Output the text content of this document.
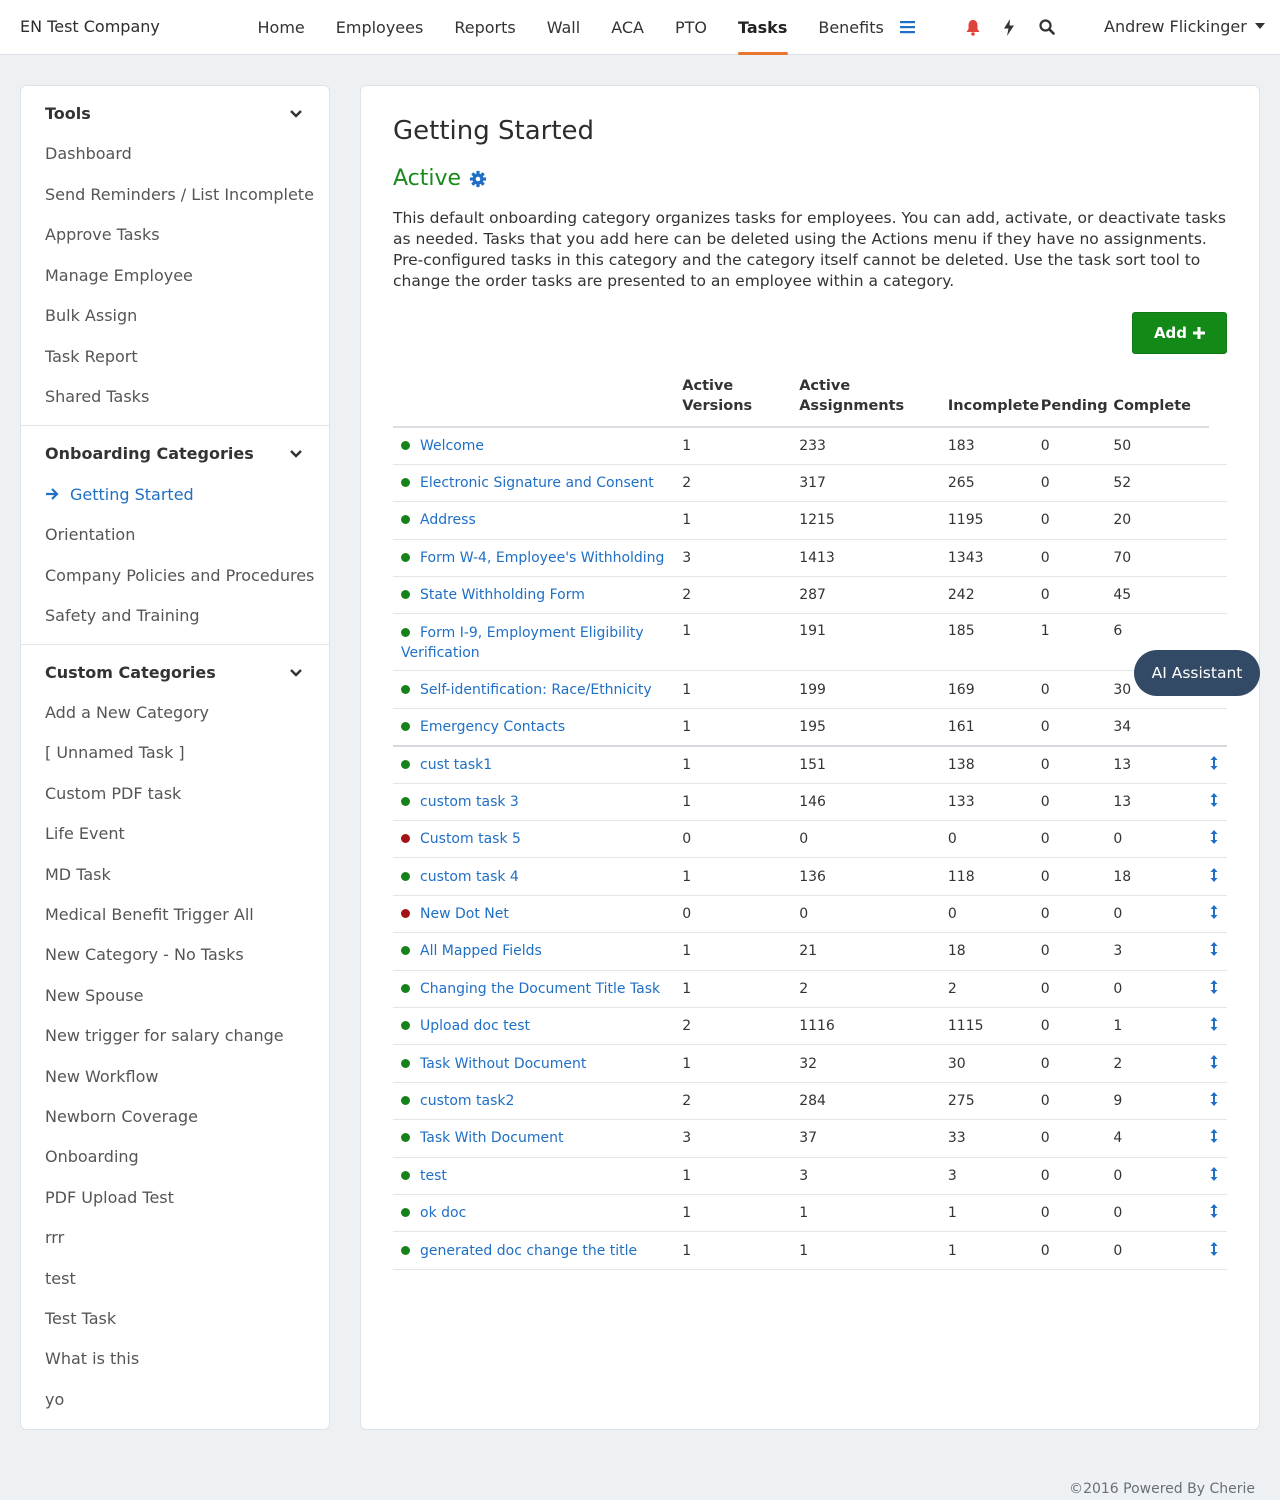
EN Test Company	Home	Employees	Reports	Wall	ACA	PTO	Tasks	Benefits	Andrew Flickinger
Tools
Dashboard
Send Reminders / List Incomplete
Approve Tasks
Manage Employee
Bulk Assign
Task Report
Shared Tasks
Onboarding Categories
Getting Started
Orientation
Company Policies and Procedures
Safety and Training
Custom Categories
Add a New Category
[ Unnamed Task ]
Custom PDF task
Life Event
MD Task
Medical Benefit Trigger All
New Category - No Tasks
New Spouse
New trigger for salary change
New Workflow
Newborn Coverage
Onboarding
PDF Upload Test
rrr
test
Test Task
What is this
yo
Getting Started
Active
This default onboarding category organizes tasks for employees. You can add, activate, or deactivate tasks as needed. Tasks that you add here can be deleted using the Actions menu if they have no assignments. Pre-configured tasks in this category and the category itself cannot be deleted. Use the task sort tool to change the order tasks are presented to an employee within a category.
Add
	Active Versions	Active Assignments	Incomplete	Pending	Complete	
Welcome	1	233	183	0	50	
Electronic Signature and Consent	2	317	265	0	52	
Address	1	1215	1195	0	20	
Form W-4, Employee's Withholding	3	1413	1343	0	70	
State Withholding Form	2	287	242	0	45	
Form I-9, Employment Eligibility Verification	1	191	185	1	6	
Self-identification: Race/Ethnicity	1	199	169	0	30	
Emergency Contacts	1	195	161	0	34	
cust task1	1	151	138	0	13	
custom task 3	1	146	133	0	13	
Custom task 5	0	0	0	0	0	
custom task 4	1	136	118	0	18	
New Dot Net	0	0	0	0	0	
All Mapped Fields	1	21	18	0	3	
Changing the Document Title Task	1	2	2	0	0	
Upload doc test	2	1116	1115	0	1	
Task Without Document	1	32	30	0	2	
custom task2	2	284	275	0	9	
Task With Document	3	37	33	0	4	
test	1	3	3	0	0	
ok doc	1	1	1	0	0	
generated doc change the title	1	1	1	0	0	
AI Assistant
©2016 Powered By Cherie
